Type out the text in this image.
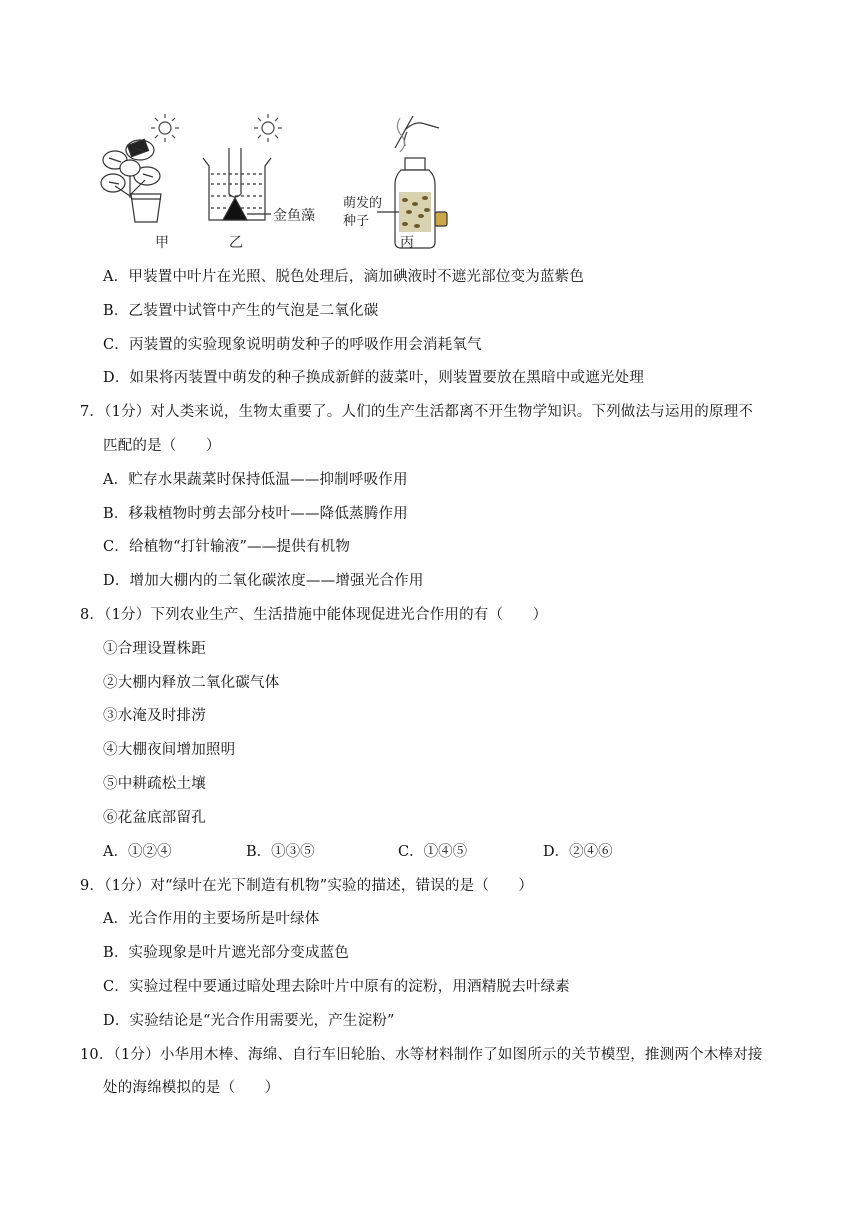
甲	乙	丙
金鱼藻
萌发的
种子
A．甲装置中叶片在光照、脱色处理后，滴加碘液时不遮光部位变为蓝紫色
B．乙装置中试管中产生的气泡是二氧化碳
C．丙装置的实验现象说明萌发种子的呼吸作用会消耗氧气
D．如果将丙装置中萌发的种子换成新鲜的菠菜叶，则装置要放在黑暗中或遮光处理
7．（1分）对人类来说，生物太重要了。人们的生产生活都离不开生物学知识。下列做法与运用的原理不
匹配的是（　　）
A．贮存水果蔬菜时保持低温——抑制呼吸作用
B．移栽植物时剪去部分枝叶——降低蒸腾作用
C．给植物“打针输液”——提供有机物
D．增加大棚内的二氧化碳浓度——增强光合作用
8．（1分）下列农业生产、生活措施中能体现促进光合作用的有（　　）
①合理设置株距
②大棚内释放二氧化碳气体
③水淹及时排涝
④大棚夜间增加照明
⑤中耕疏松土壤
⑥花盆底部留孔
A．①②④	B．①③⑤	C．①④⑤	D．②④⑥
9．（1分）对“绿叶在光下制造有机物”实验的描述，错误的是（　　）
A．光合作用的主要场所是叶绿体
B．实验现象是叶片遮光部分变成蓝色
C．实验过程中要通过暗处理去除叶片中原有的淀粉，用酒精脱去叶绿素
D．实验结论是“光合作用需要光，产生淀粉”
10．（1分）小华用木棒、海绵、自行车旧轮胎、水等材料制作了如图所示的关节模型，推测两个木棒对接
处的海绵模拟的是（　　）
